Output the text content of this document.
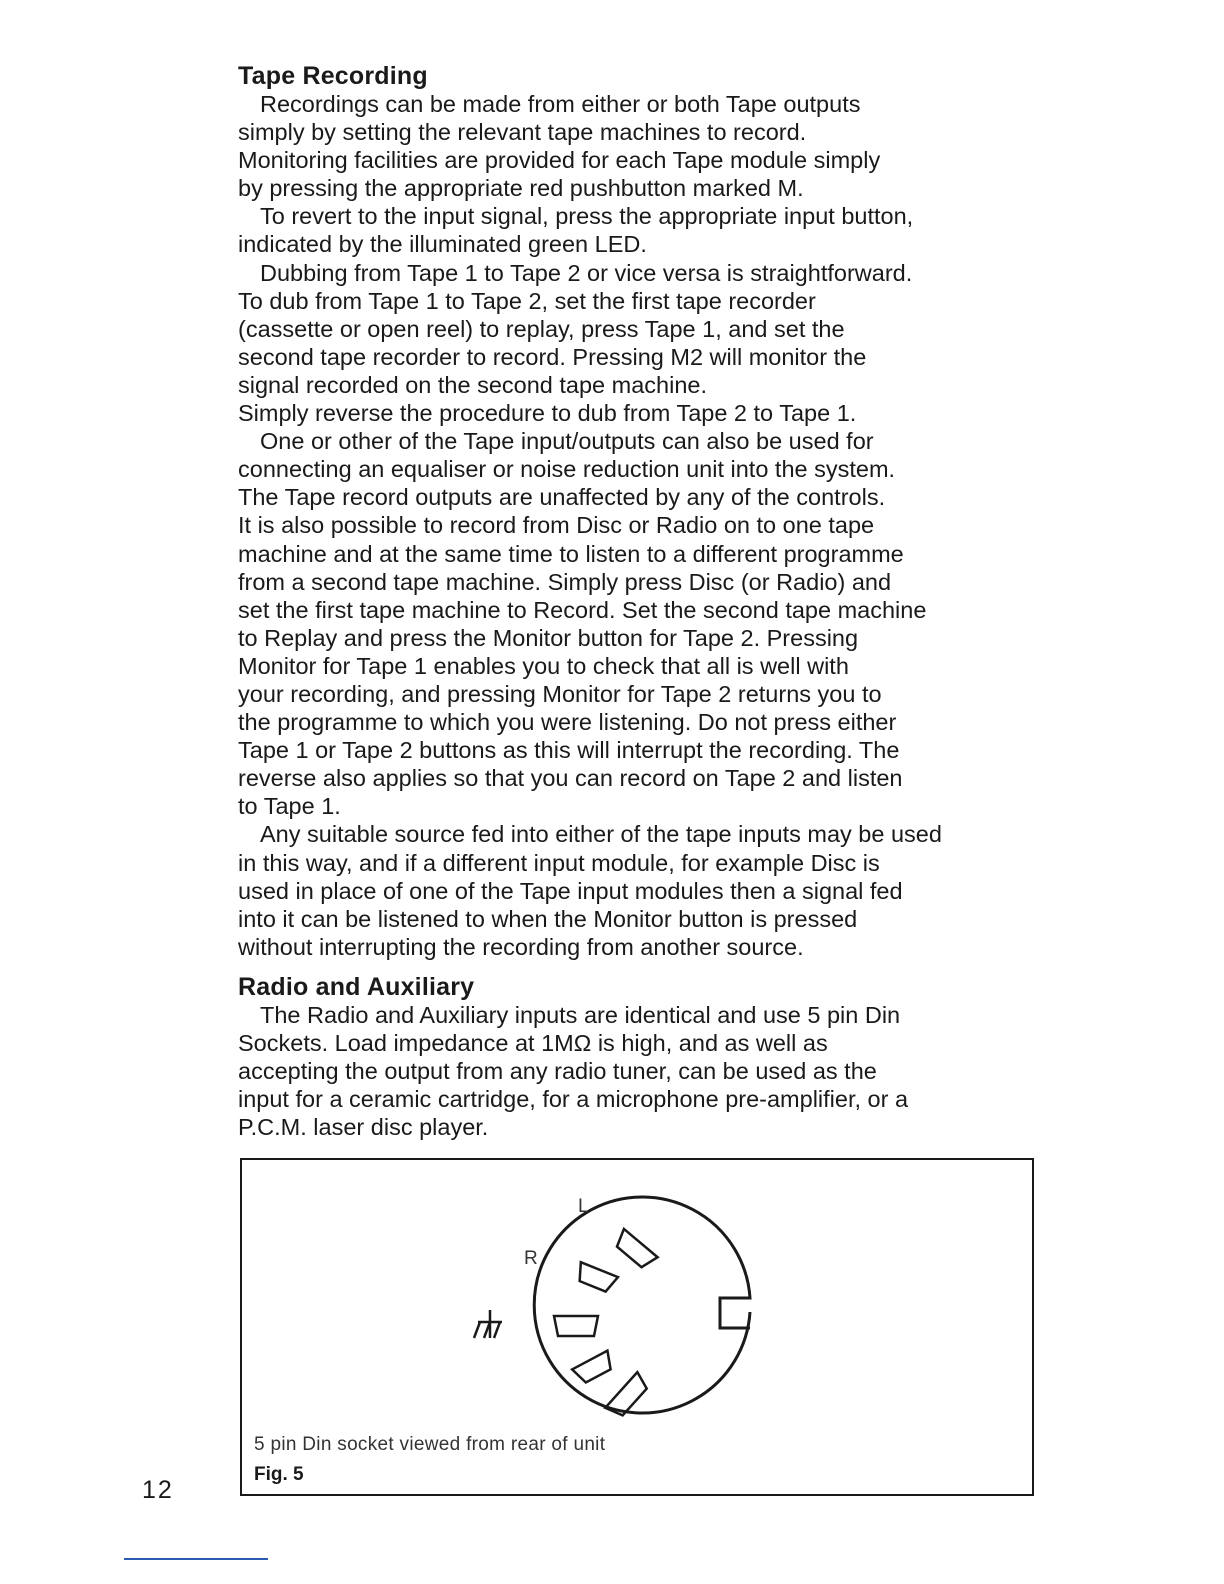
Tape Recording

Recordings can be made from either or both Tape outputs
simply by setting the relevant tape machines to record.
Monitoring facilities are provided for each Tape module simply
by pressing the appropriate red pushbutton marked M.
To revert to the input signal, press the appropriate input button,
indicated by the illuminated green LED.
Dubbing from Tape 1 to Tape 2 or vice versa is straightforward.
To dub from Tape 1 to Tape 2, set the first tape recorder
(cassette or open reel) to replay, press Tape 1, and set the
second tape recorder to record. Pressing M2 will monitor the
signal recorded on the second tape machine.
Simply reverse the procedure to dub from Tape 2 to Tape 1.
One or other of the Tape input/outputs can also be used for
connecting an equaliser or noise reduction unit into the system.
The Tape record outputs are unaffected by any of the controls.
It is also possible to record from Disc or Radio on to one tape
machine and at the same time to listen to a different programme
from a second tape machine. Simply press Disc (or Radio) and
set the first tape machine to Record. Set the second tape machine
to Replay and press the Monitor button for Tape 2. Pressing
Monitor for Tape 1 enables you to check that all is well with
your recording, and pressing Monitor for Tape 2 returns you to
the programme to which you were listening. Do not press either
Tape 1 or Tape 2 buttons as this will interrupt the recording. The
reverse also applies so that you can record on Tape 2 and listen
to Tape 1.
Any suitable source fed into either of the tape inputs may be used
in this way, and if a different input module, for example Disc is
used in place of one of the Tape input modules then a signal fed
into it can be listened to when the Monitor button is pressed
without interrupting the recording from another source.

Radio and Auxiliary

The Radio and Auxiliary inputs are identical and use 5 pin Din
Sockets. Load impedance at 1MΩ is high, and as well as
accepting the output from any radio tuner, can be used as the
input for a ceramic cartridge, for a microphone pre-amplifier, or a
P.C.M. laser disc player.

L
R
5 pin Din socket viewed from rear of unit
Fig. 5
12
